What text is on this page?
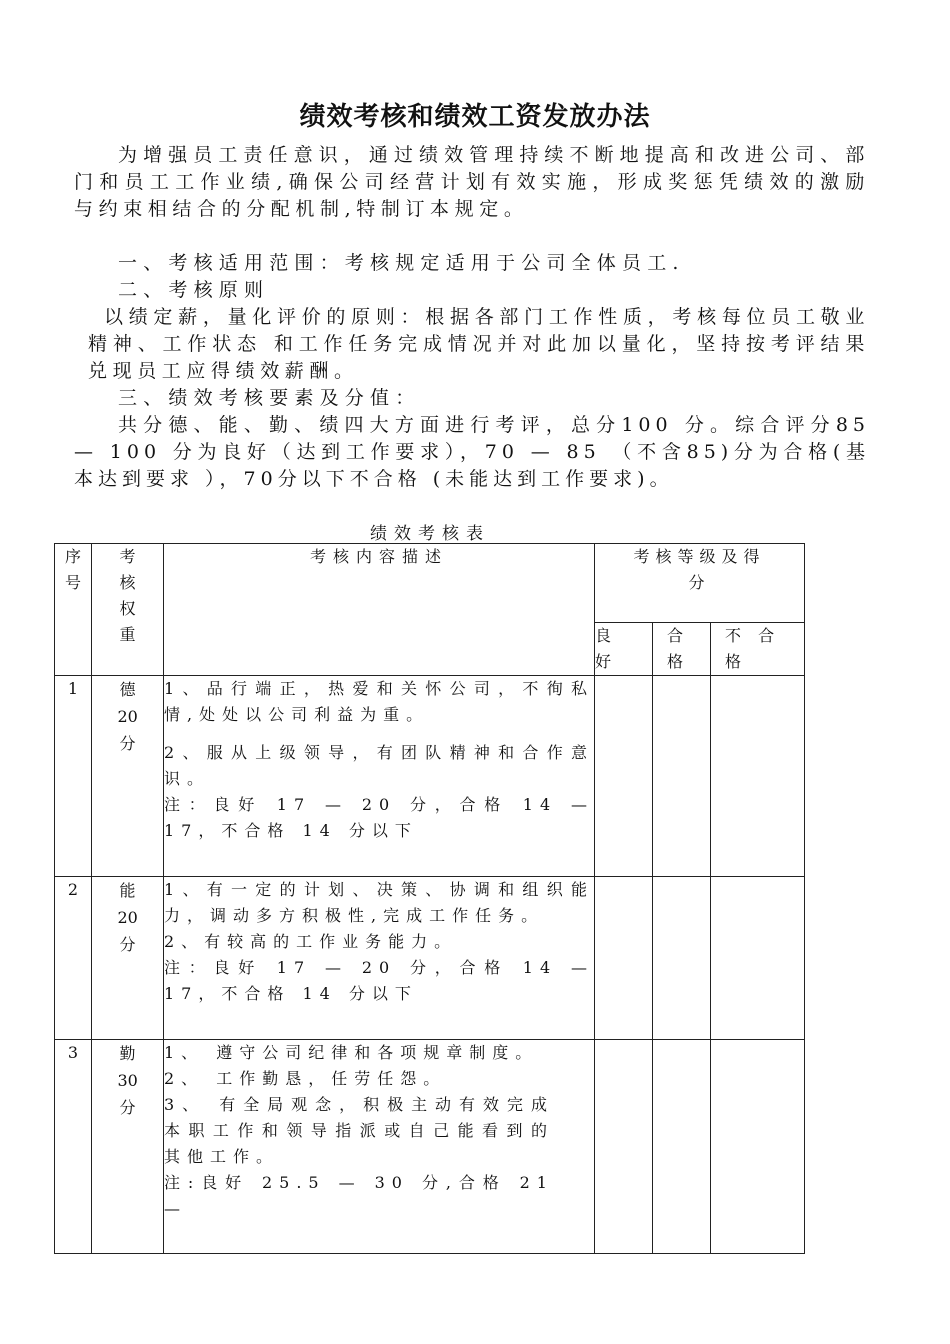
绩效考核和绩效工资发放办法

为增强员工责任意识，通过绩效管理持续不断地提高和改进公司、部门和员工工作业绩,确保公司经营计划有效实施，形成奖惩凭绩效的激励与约束相结合的分配机制,特制订本规定。

一、考核适用范围：考核规定适用于公司全体员工.
二、考核原则

以绩定薪，量化评价的原则：根据各部门工作性质，考核每位员工敬业精神、工作状态 和工作任务完成情况并对此加以量化，坚持按考评结果兑现员工应得绩效薪酬。

三、绩效考核要素及分值：

共分德、能、勤、绩四大方面进行考评，总分100 分。综合评分85 — 100 分为良好（达到工作要求），70 — 85 （不含85)分为合格(基本达到要求 ），70分以下不合格 (未能达到工作要求)。

绩效考核表
序号	考核权重	考核内容描述	考核等级及得分		

			良好	合格	不 合格

1	德20分	1、品行端正，热爱和关怀公司，不徇私情,处处以公司利益为重。

2、服从上级领导，有团队精神和合作意识。

注：良好 17 — 20 分，合格 14 — 17，不合格 14 分以下			

2	能20分	1、有一定的计划、决策、协调和组织能力，调动多方积极性,完成工作任务。

2、有较高的工作业务能力。

注：良好 17 — 20 分，合格 14 — 17，不合格 14 分以下			

3	勤30分	1、 遵守公司纪律和各项规章制度。

2、 工作勤恳，任劳任怨。

3、 有全局观念，积极主动有效完成本职工作和领导指派或自己能看到的其他工作。

注:良好 25.5 — 30 分,合格 21 —			
